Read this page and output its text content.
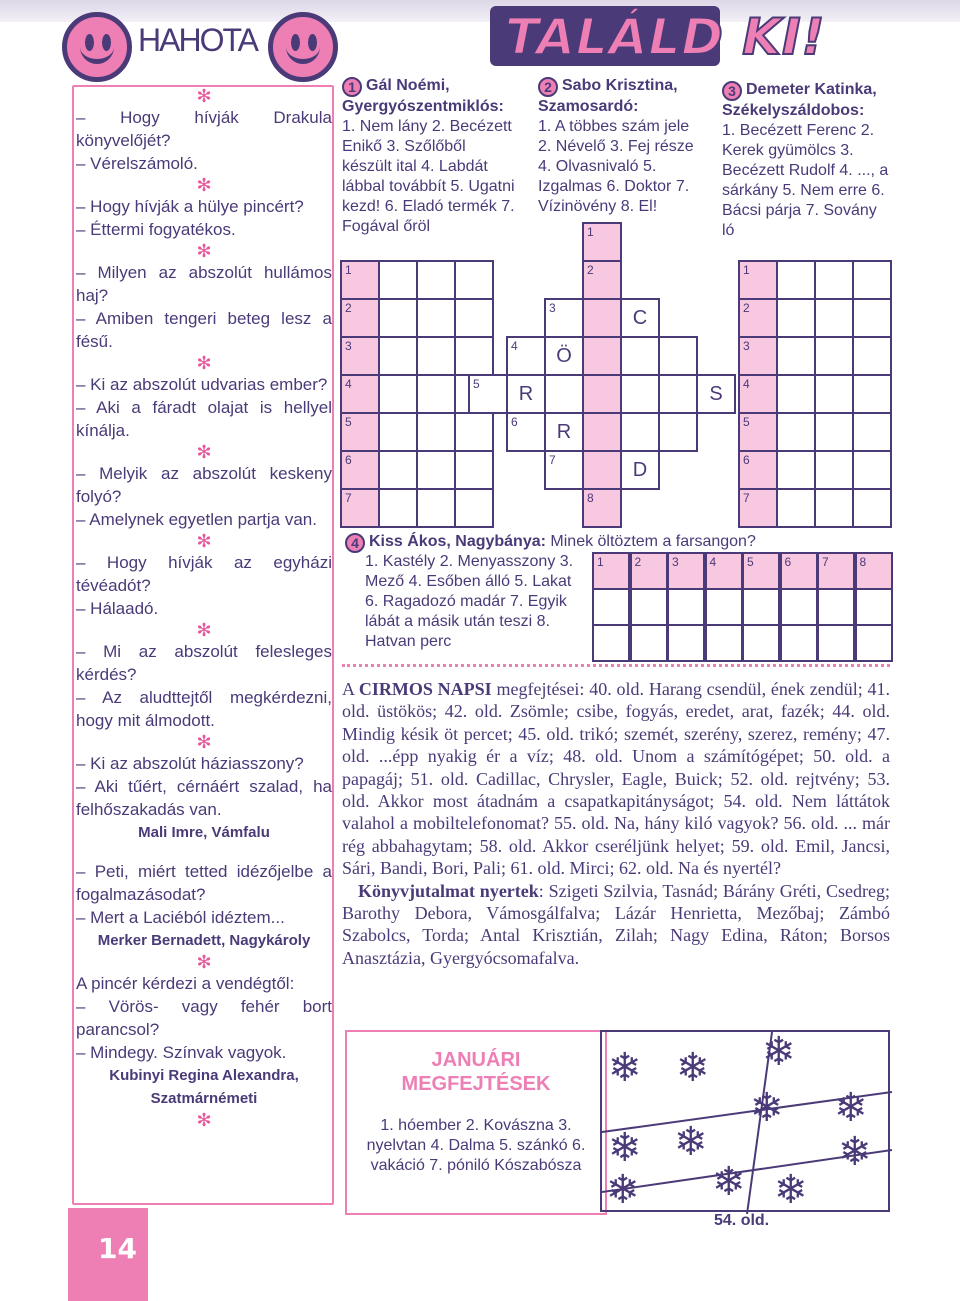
HAHOTA	TALÁLD KI!
✻
– Hogy hívják Drakula könyvelőjét?
– Vérelszámoló.
✻
– Hogy hívják a hülye pincért?
– Éttermi fogyatékos.
✻
– Milyen az abszolút hullámos haj?
– Amiben tengeri beteg lesz a fésű.
✻
– Ki az abszolút udvarias ember?
– Aki a fáradt olajat is hellyel kínálja.
✻
– Melyik az abszolút keskeny folyó?
– Amelynek egyetlen partja van.
✻
– Hogy hívják az egyházi tévéadót?
– Hálaadó.
✻
– Mi az abszolút felesleges kérdés?
– Az aludttejtől megkérdezni, hogy mit álmodott.
✻
– Ki az abszolút háziasszony?
– Aki tűért, cérnáért szalad, ha felhőszakadás van.
Mali Imre, Vámfalu
– Peti, miért tetted idézőjelbe a fogalmazásodat?
– Mert a Laciéból idéztem...
Merker Bernadett, Nagykároly
✻
A pincér kérdezi a vendégtől:
– Vörös- vagy fehér bort parancsol?
– Mindegy. Színvak vagyok.
Kubinyi Regina Alexandra, Szatmárnémeti
✻
14
1 Gál Noémi, Gyergyószentmiklós:

1. Nem lány 2. Becézett Enikő 3. Szőlőből készült ital 4. Labdát lábbal továbbít 5. Ugatni kezd! 6. Eladó termék 7. Fogával őröl
2 Sabo Krisztina, Szamosardó:
1. A többes szám jele 2. Névelő 3. Fej része 4. Olvasnivaló 5. Izgalmas 6. Doktor 7. Vízinövény 8. El!
3 Demeter Katinka, Székelyszáldobos:
1. Becézett Ferenc 2. Kerek gyümölcs 3. Becézett Rudolf 4. ..., a sárkány 5. Nem erre 6. Bácsi párja 7. Sovány ló
1
2
3
4
5
6
7
1
2
3	C
4	Ö
5	R	S
6	R
7	D
8
1
2
3
4
5
6
7
4 Kiss Ákos, Nagybánya: Minek öltöztem a farsangon?
1. Kastély 2. Menyasszony 3. Mező 4. Esőben álló 5. Lakat 6. Ragadozó madár 7. Egyik lábát a másik után teszi 8. Hatvan perc
1	2	3	4	5	6	7	8
A CIRMOS NAPSI megfejtései: 40. old. Harang csendül, ének zendül; 41. old. üstökös; 42. old. Zsömle; csibe, fogyás, eredet, arat, fazék; 44. old. Mindig késik öt percet; 45. old. trikó; szemét, szerény, szerez, remény; 47. old. ...épp nyakig ér a víz; 48. old. Unom a számítógépet; 50. old. a papagáj; 51. old. Cadillac, Chrysler, Eagle, Buick; 52. old. rejtvény; 53. old. Akkor most átadnám a csapatkapitányságot; 54. old. Nem láttátok valahol a mobiltelefonomat? 55. old. Na, hány kiló vagyok? 56. old. ... már rég abbahagytam; 58. old. Akkor cseréljünk helyet; 59. old. Emil, Jancsi, Sári, Bandi, Bori, Pali; 61. old. Mirci; 62. old. Na és nyertél?
Könyvjutalmat nyertek: Szigeti Szilvia, Tasnád; Bárány Gréti, Csedreg; Barothy Debora, Vámosgálfalva; Lázár Henrietta, Mezőbaj; Zámbó Szabolcs, Torda; Antal Krisztián, Zilah; Nagy Edina, Ráton; Borsos Anasztázia, Gyergyócsomafalva.
JANUÁRI
MEGFEJTÉSEK
1. hóember 2. Kovászna 3. nyelvtan 4. Dalma 5. szánkó 6. vakáció 7. póniló Kószabószа
❄ ❄ ❄
❄
❄ ❄
❄
❄
❄ ❄ ❄
54. old.
